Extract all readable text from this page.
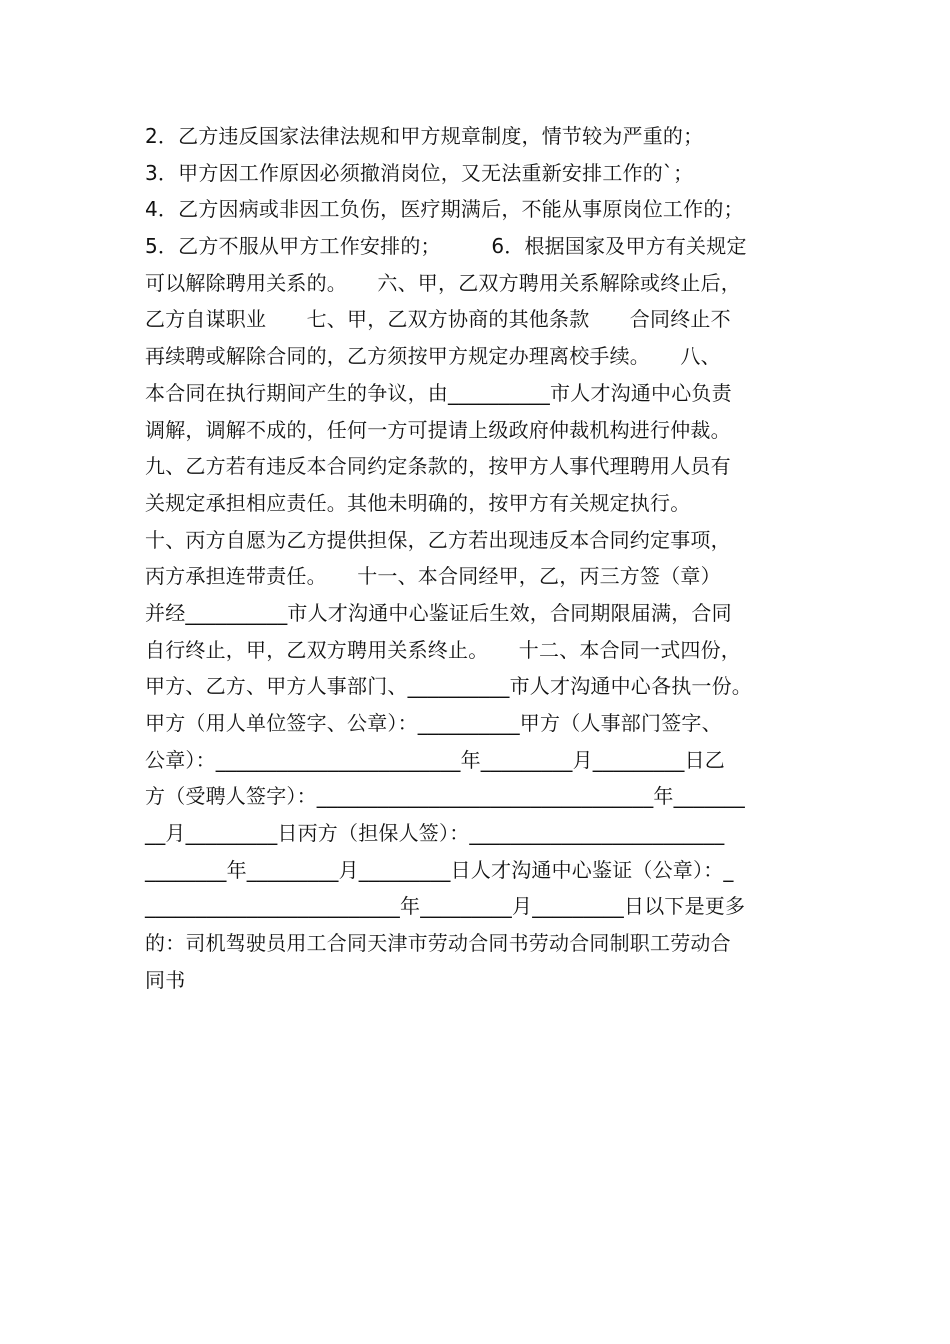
2．乙方违反国家法律法规和甲方规章制度，情节较为严重的；
3．甲方因工作原因必须撤消岗位，又无法重新安排工作的`；
4．乙方因病或非因工负伤，医疗期满后，不能从事原岗位工作的；
5．乙方不服从甲方工作安排的；　　　6．根据国家及甲方有关规定
可以解除聘用关系的。　　六、甲，乙双方聘用关系解除或终止后，
乙方自谋职业　　七、甲，乙双方协商的其他条款　　合同终止不
再续聘或解除合同的，乙方须按甲方规定办理离校手续。　　八、
本合同在执行期间产生的争议，由__________市人才沟通中心负责
调解，调解不成的，任何一方可提请上级政府仲裁机构进行仲裁。
九、乙方若有违反本合同约定条款的，按甲方人事代理聘用人员有
关规定承担相应责任。其他未明确的，按甲方有关规定执行。
十、丙方自愿为乙方提供担保，乙方若出现违反本合同约定事项，
丙方承担连带责任。　　十一、本合同经甲，乙，丙三方签（章）
并经__________市人才沟通中心鉴证后生效，合同期限届满，合同
自行终止，甲，乙双方聘用关系终止。　　十二、本合同一式四份，
甲方、乙方、甲方人事部门、__________市人才沟通中心各执一份。
甲方（用人单位签字、公章）：__________甲方（人事部门签字、
公章）：________________________年_________月_________日乙
方（受聘人签字）：_________________________________年_______
__月_________日丙方（担保人签）：_________________________
________年_________月_________日人才沟通中心鉴证（公章）：_
_________________________年_________月_________日以下是更多
的：司机驾驶员用工合同天津市劳动合同书劳动合同制职工劳动合
同书
